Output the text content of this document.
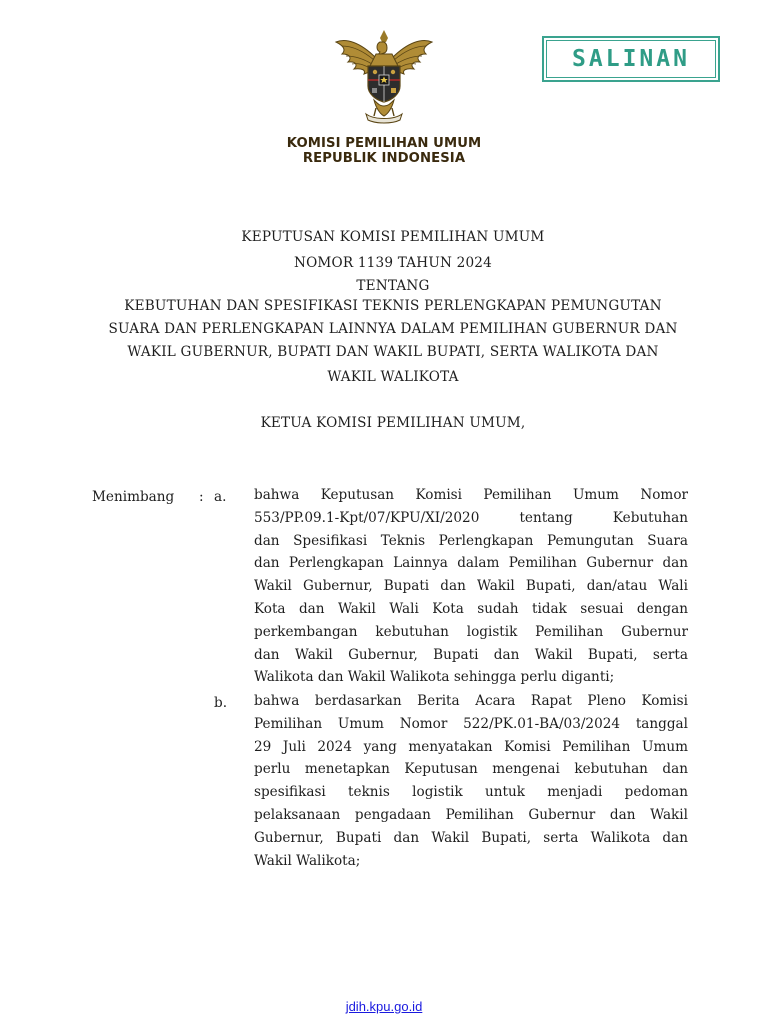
SALINAN
KOMISI PEMILIHAN UMUM
REPUBLIK INDONESIA
KEPUTUSAN KOMISI PEMILIHAN UMUM
NOMOR 1139 TAHUN 2024
TENTANG
KEBUTUHAN DAN SPESIFIKASI TEKNIS PERLENGKAPAN PEMUNGUTAN
SUARA DAN PERLENGKAPAN LAINNYA DALAM PEMILIHAN GUBERNUR DAN
WAKIL GUBERNUR, BUPATI DAN WAKIL BUPATI, SERTA WALIKOTA DAN
WAKIL WALIKOTA
KETUA KOMISI PEMILIHAN UMUM,
Menimbang : a. bahwa Keputusan Komisi Pemilihan Umum Nomor
553/PP.09.1-Kpt/07/KPU/XI/2020 tentang Kebutuhan
dan Spesifikasi Teknis Perlengkapan Pemungutan Suara
dan Perlengkapan Lainnya dalam Pemilihan Gubernur dan
Wakil Gubernur, Bupati dan Wakil Bupati, dan/atau Wali
Kota dan Wakil Wali Kota sudah tidak sesuai dengan
perkembangan kebutuhan logistik Pemilihan Gubernur
dan Wakil Gubernur, Bupati dan Wakil Bupati, serta
Walikota dan Wakil Walikota sehingga perlu diganti;
b. bahwa berdasarkan Berita Acara Rapat Pleno Komisi
Pemilihan Umum Nomor 522/PK.01-BA/03/2024 tanggal
29 Juli 2024 yang menyatakan Komisi Pemilihan Umum
perlu menetapkan Keputusan mengenai kebutuhan dan
spesifikasi teknis logistik untuk menjadi pedoman
pelaksanaan pengadaan Pemilihan Gubernur dan Wakil
Gubernur, Bupati dan Wakil Bupati, serta Walikota dan
Wakil Walikota;
jdih.kpu.go.id
